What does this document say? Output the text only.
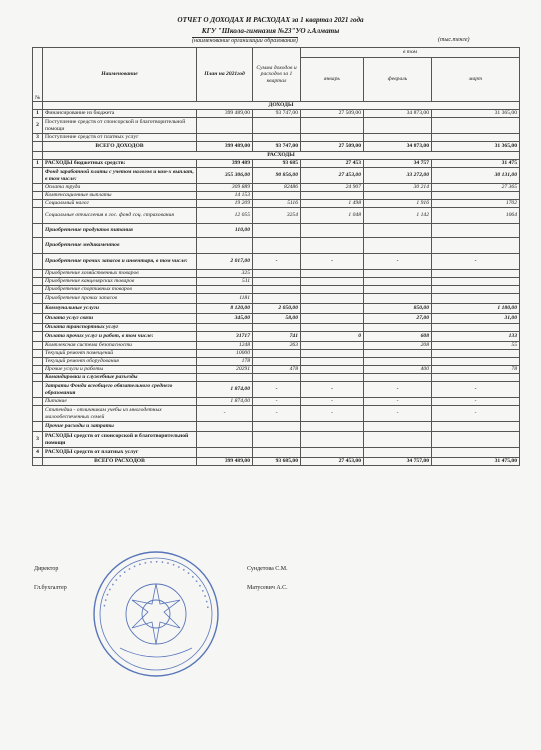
ОТЧЕТ О ДОХОДАХ И РАСХОДАХ за 1 квартал 2021 года
КГУ "Школа-гимназия №23"УО г.Алматы
(наименование организации образования)	(тыс.тенге)
№	Наименование	План на 2021год	Сумма доходов и расходов за 1 квартал	в том		
				январь	февраль	март
	ДОХОДЫ					
1	Финансирование из бюджета	399 489,00	93 747,00	27 509,00	34 873,00	31 365,00
2	Поступление средств от спонсорской и благотворительной помощи					
3	Поступление средств от платных услуг					
	ВСЕГО ДОХОДОВ	399 489,00	93 747,00	27 509,00	34 873,00	31 365,00
	РАСХОДЫ					
1	РАСХОДЫ бюджетных средств:	399 489	93 685	27 453	34 757	31 475
	Фонд заработной платы с учетом налогов и ком-х выплат, в том числе:	355 306,00	90 856,00	27 453,00	33 272,00	30 131,00
	Оплата труда	309 889	82486	24 907	30 214	27 365
	Компенсационные выплаты	14 153				
	Социальный налог	19 209	5116	1 498	1 916	1702
	Социальные отчисления в гос. фонд соц. страхования	12 055	3254	1 048	1 142	1064
	Приобретение продуктов питания	110,00				
	Приобретение медикаментов					
	Приобретение прочих запасов и инвентаря, в том числе:	2 017,00	-	-	-	-
	Приобретение хозяйственных товаров	325				
	Приобретение канцелярских товаров	511				
	Приобретение спортивных товаров					
	Приобретение прочих запасов	1181				
	Коммунальные услуги	8 120,00	2 050,00		850,00	1 180,00
	Оплата услуг связи	345,00	58,00		27,00	31,00
	Оплата транспортных услуг					
	Оплата прочих услуг и работ, в том числе:	31717	741	0	608	133
	Комплексная система безопасности	1248	263		208	55
	Текущий ремонт помещений	10000				
	Текущий ремонт оборудования	178				
	Прочие услуги и работы	20291	478		400	78
	Командировки и служебные разъезды					
	Затраты Фонда всеобщего обязательного среднего образования	1 874,00	-	-	-	-
	Питание	1 874,00	-	-	-	-
	Стипендии - отличникам учебы из многодетных малообеспеченных семей	-	-	-	-	-
	Прочие расходы и затраты					
3	РАСХОДЫ средств от спонсорской и благотворительной помощи					
4	РАСХОДЫ средств от платных услуг					
	ВСЕГО РАСХОДОВ	399 489,00	93 685,00	27 453,00	34 757,00	31 475,00
• • • • • • • • • • • • • • • • • • • • • • • • • • •
Директор	Сундетова С.М.
Гл.бухгалтер	Матусевич А.С.
